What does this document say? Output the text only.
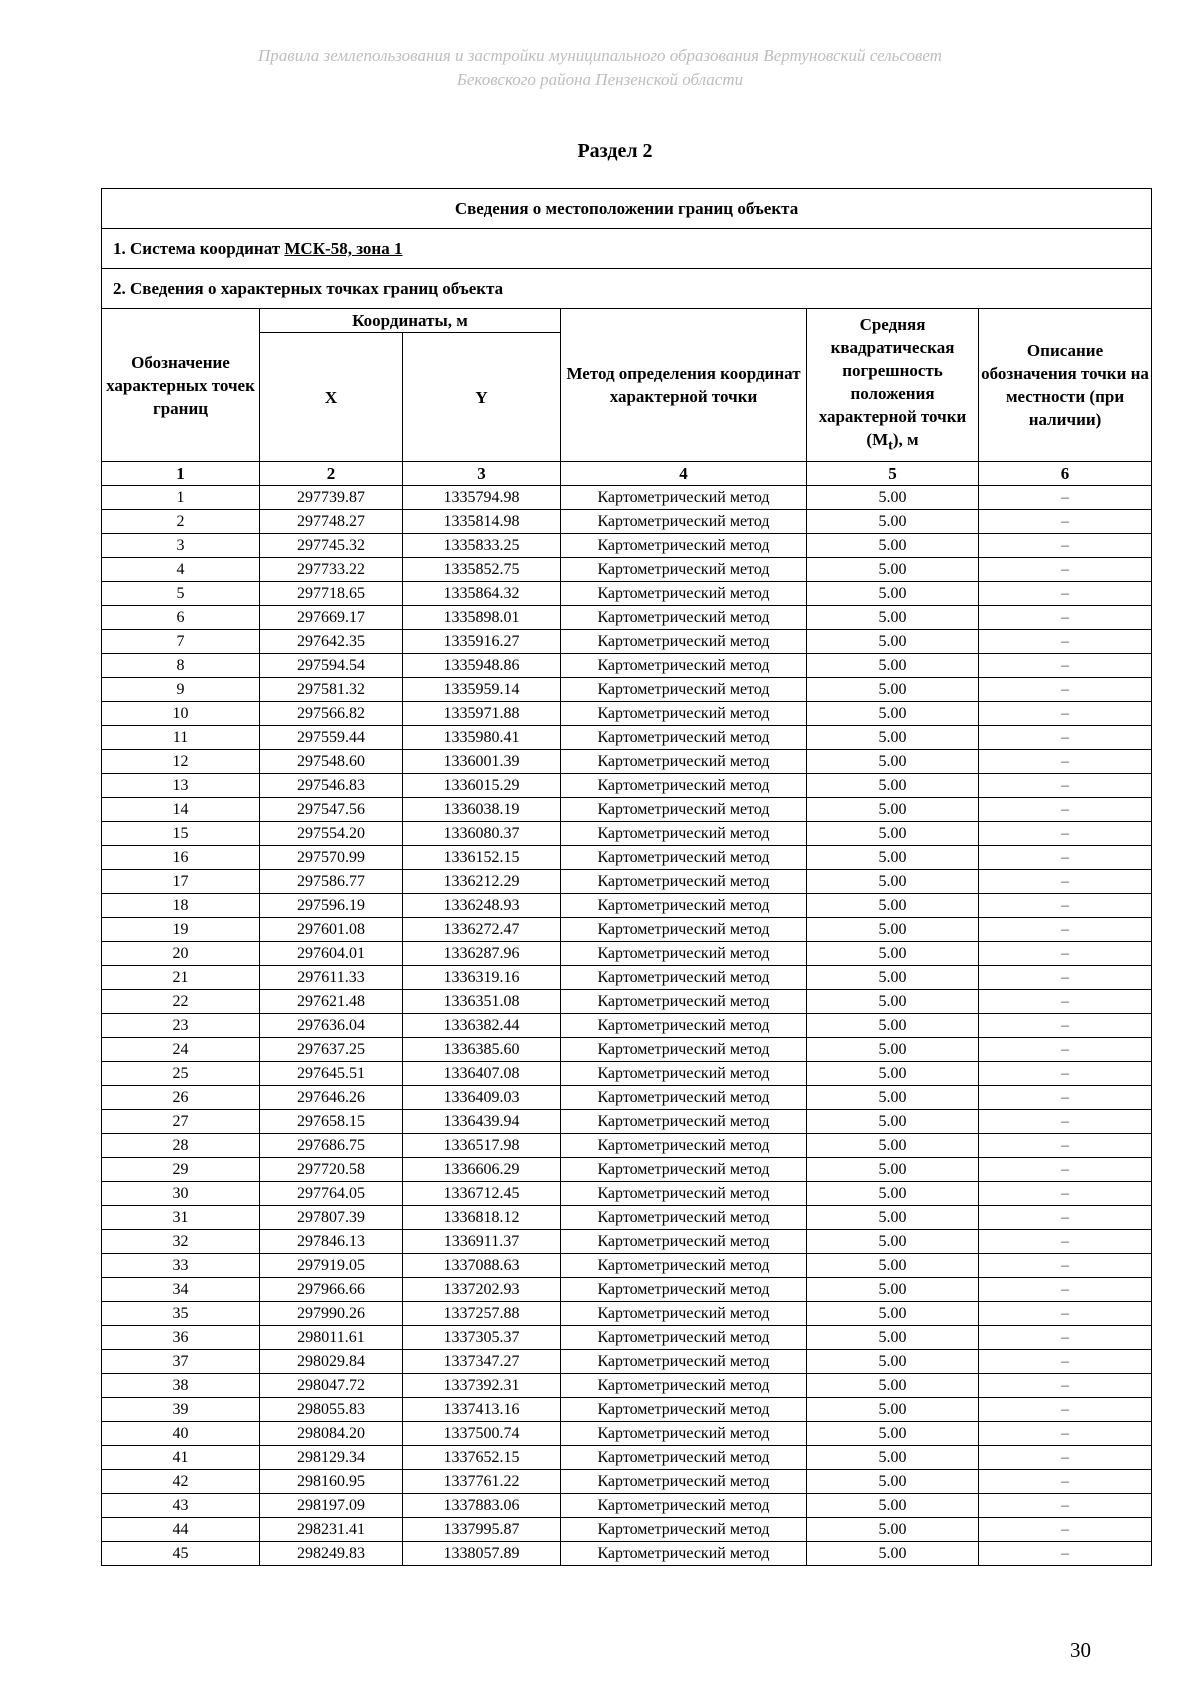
Правила землепользования и застройки муниципального образования Вертуновский сельсовет
Бековского района Пензенской области
Раздел 2
Сведения о местоположении границ объекта					
1. Система координат МСК-58, зона 1					
2. Сведения о характерных точках границ объекта					
Обозначение характерных точек границ	Координаты, м		Метод определения координат характерной точки	Средняя квадратическая погрешность положения характерной точки $(M_t)$, м	Описание обозначения точки на местности (при наличии)
	X	Y			
1	2	3	4	5	6
1	297739.87	1335794.98	Картометрический метод	5.00	–
2	297748.27	1335814.98	Картометрический метод	5.00	–
3	297745.32	1335833.25	Картометрический метод	5.00	–
4	297733.22	1335852.75	Картометрический метод	5.00	–
5	297718.65	1335864.32	Картометрический метод	5.00	–
6	297669.17	1335898.01	Картометрический метод	5.00	–
7	297642.35	1335916.27	Картометрический метод	5.00	–
8	297594.54	1335948.86	Картометрический метод	5.00	–
9	297581.32	1335959.14	Картометрический метод	5.00	–
10	297566.82	1335971.88	Картометрический метод	5.00	–
11	297559.44	1335980.41	Картометрический метод	5.00	–
12	297548.60	1336001.39	Картометрический метод	5.00	–
13	297546.83	1336015.29	Картометрический метод	5.00	–
14	297547.56	1336038.19	Картометрический метод	5.00	–
15	297554.20	1336080.37	Картометрический метод	5.00	–
16	297570.99	1336152.15	Картометрический метод	5.00	–
17	297586.77	1336212.29	Картометрический метод	5.00	–
18	297596.19	1336248.93	Картометрический метод	5.00	–
19	297601.08	1336272.47	Картометрический метод	5.00	–
20	297604.01	1336287.96	Картометрический метод	5.00	–
21	297611.33	1336319.16	Картометрический метод	5.00	–
22	297621.48	1336351.08	Картометрический метод	5.00	–
23	297636.04	1336382.44	Картометрический метод	5.00	–
24	297637.25	1336385.60	Картометрический метод	5.00	–
25	297645.51	1336407.08	Картометрический метод	5.00	–
26	297646.26	1336409.03	Картометрический метод	5.00	–
27	297658.15	1336439.94	Картометрический метод	5.00	–
28	297686.75	1336517.98	Картометрический метод	5.00	–
29	297720.58	1336606.29	Картометрический метод	5.00	–
30	297764.05	1336712.45	Картометрический метод	5.00	–
31	297807.39	1336818.12	Картометрический метод	5.00	–
32	297846.13	1336911.37	Картометрический метод	5.00	–
33	297919.05	1337088.63	Картометрический метод	5.00	–
34	297966.66	1337202.93	Картометрический метод	5.00	–
35	297990.26	1337257.88	Картометрический метод	5.00	–
36	298011.61	1337305.37	Картометрический метод	5.00	–
37	298029.84	1337347.27	Картометрический метод	5.00	–
38	298047.72	1337392.31	Картометрический метод	5.00	–
39	298055.83	1337413.16	Картометрический метод	5.00	–
40	298084.20	1337500.74	Картометрический метод	5.00	–
41	298129.34	1337652.15	Картометрический метод	5.00	–
42	298160.95	1337761.22	Картометрический метод	5.00	–
43	298197.09	1337883.06	Картометрический метод	5.00	–
44	298231.41	1337995.87	Картометрический метод	5.00	–
45	298249.83	1338057.89	Картометрический метод	5.00	–
30
